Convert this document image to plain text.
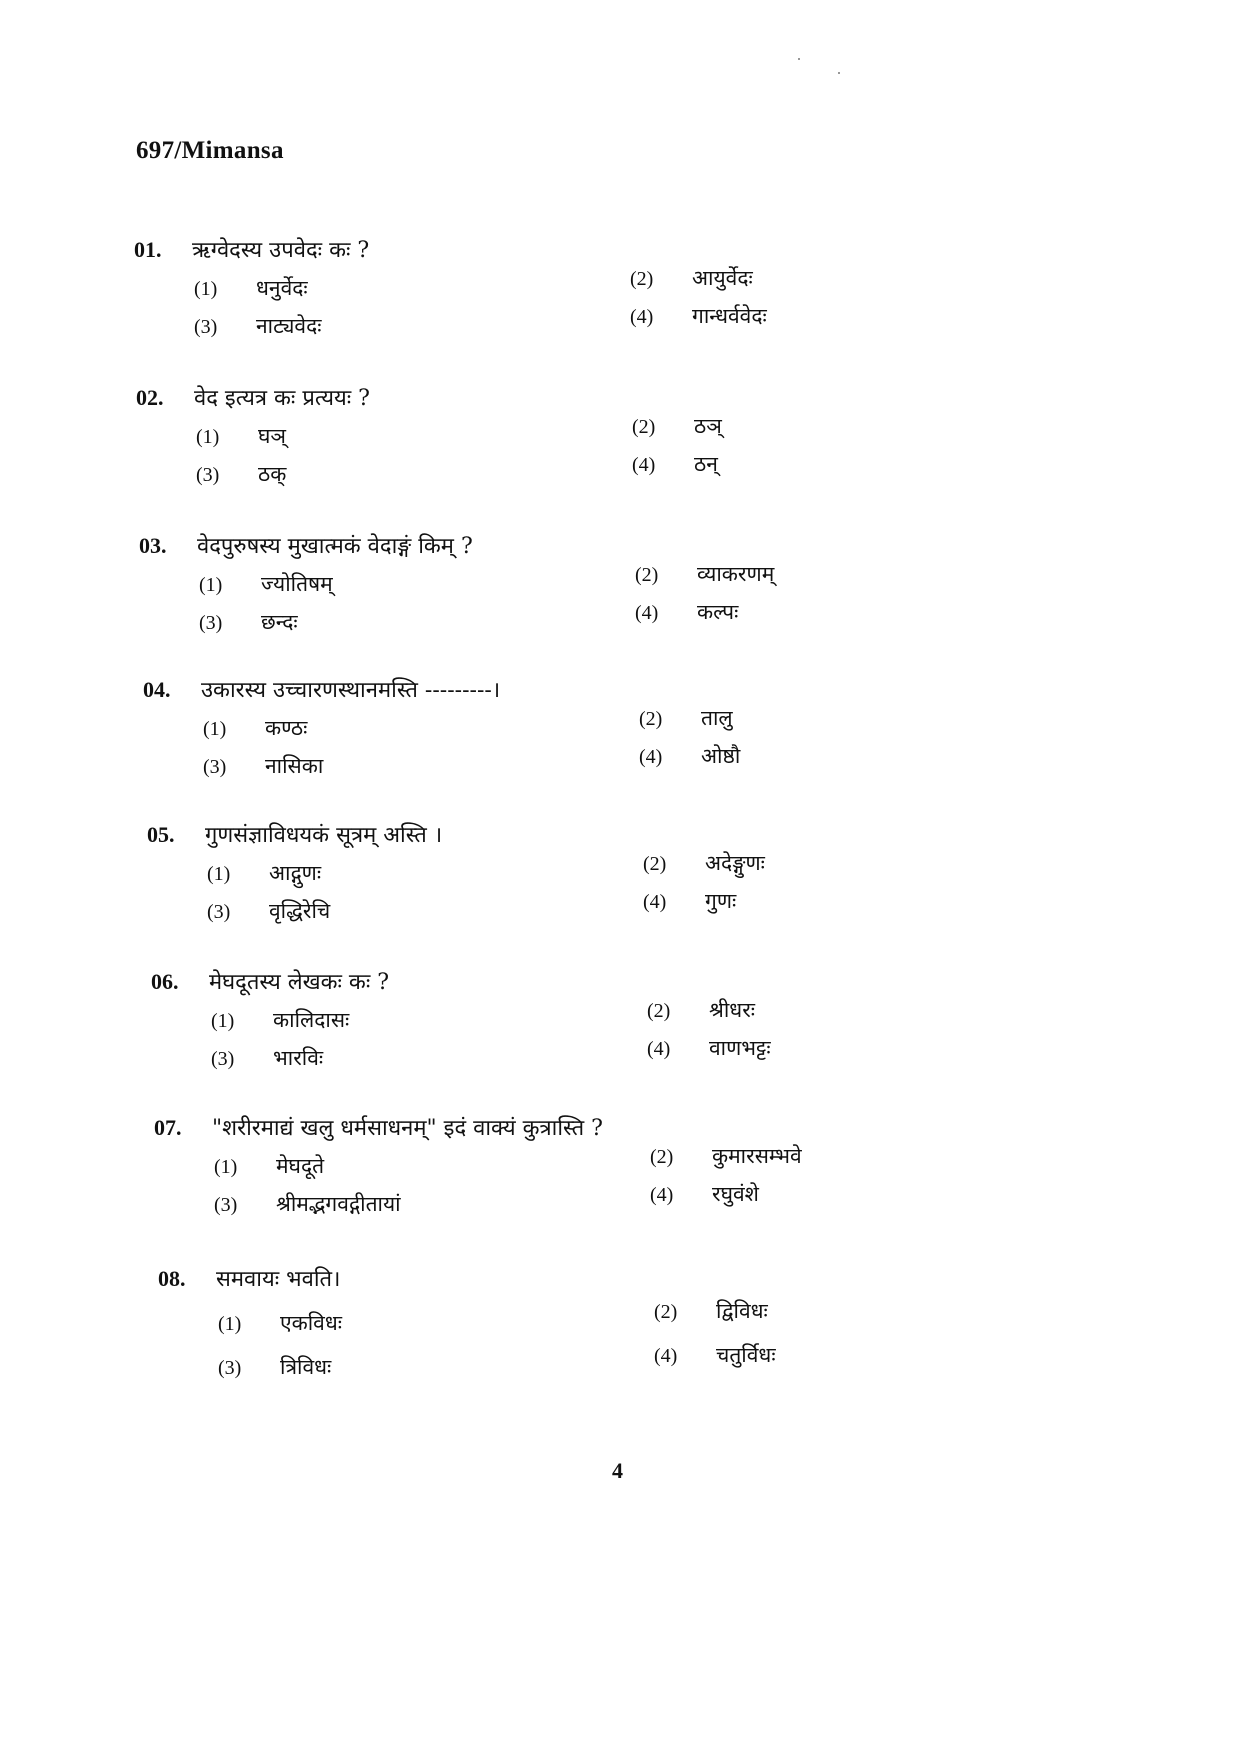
697/Mimansa
01.	ऋग्वेदस्य उपवेदः कः ?
(1)	धनुर्वेदः	(2)	आयुर्वेदः
(3)	नाट्यवेदः	(4)	गान्धर्ववेदः
02.	वेद इत्यत्र कः प्रत्ययः ?
(1)	घञ्	(2)	ठञ्
(3)	ठक्	(4)	ठन्
03.	वेदपुरुषस्य मुखात्मकं वेदाङ्गं किम् ?
(1)	ज्योतिषम्	(2)	व्याकरणम्
(3)	छन्दः	(4)	कल्पः
04.	उकारस्य उच्चारणस्थानमस्ति ---------।
(1)	कण्ठः	(2)	तालु
(3)	नासिका	(4)	ओष्ठौ
05.	गुणसंज्ञाविधयकं सूत्रम् अस्ति ।
(1)	आद्गुणः	(2)	अदेङ्गुणः
(3)	वृद्धिरेचि	(4)	गुणः
06.	मेघदूतस्य लेखकः कः ?
(1)	कालिदासः	(2)	श्रीधरः
(3)	भारविः	(4)	वाणभट्टः
07.	"शरीरमाद्यं खलु धर्मसाधनम्" इदं वाक्यं कुत्रास्ति ?
(1)	मेघदूते	(2)	कुमारसम्भवे
(3)	श्रीमद्भगवद्गीतायां	(4)	रघुवंशे
08.	समवायः भवति।
(1)	एकविधः	(2)	द्विविधः
(3)	त्रिविधः	(4)	चतुर्विधः
4
